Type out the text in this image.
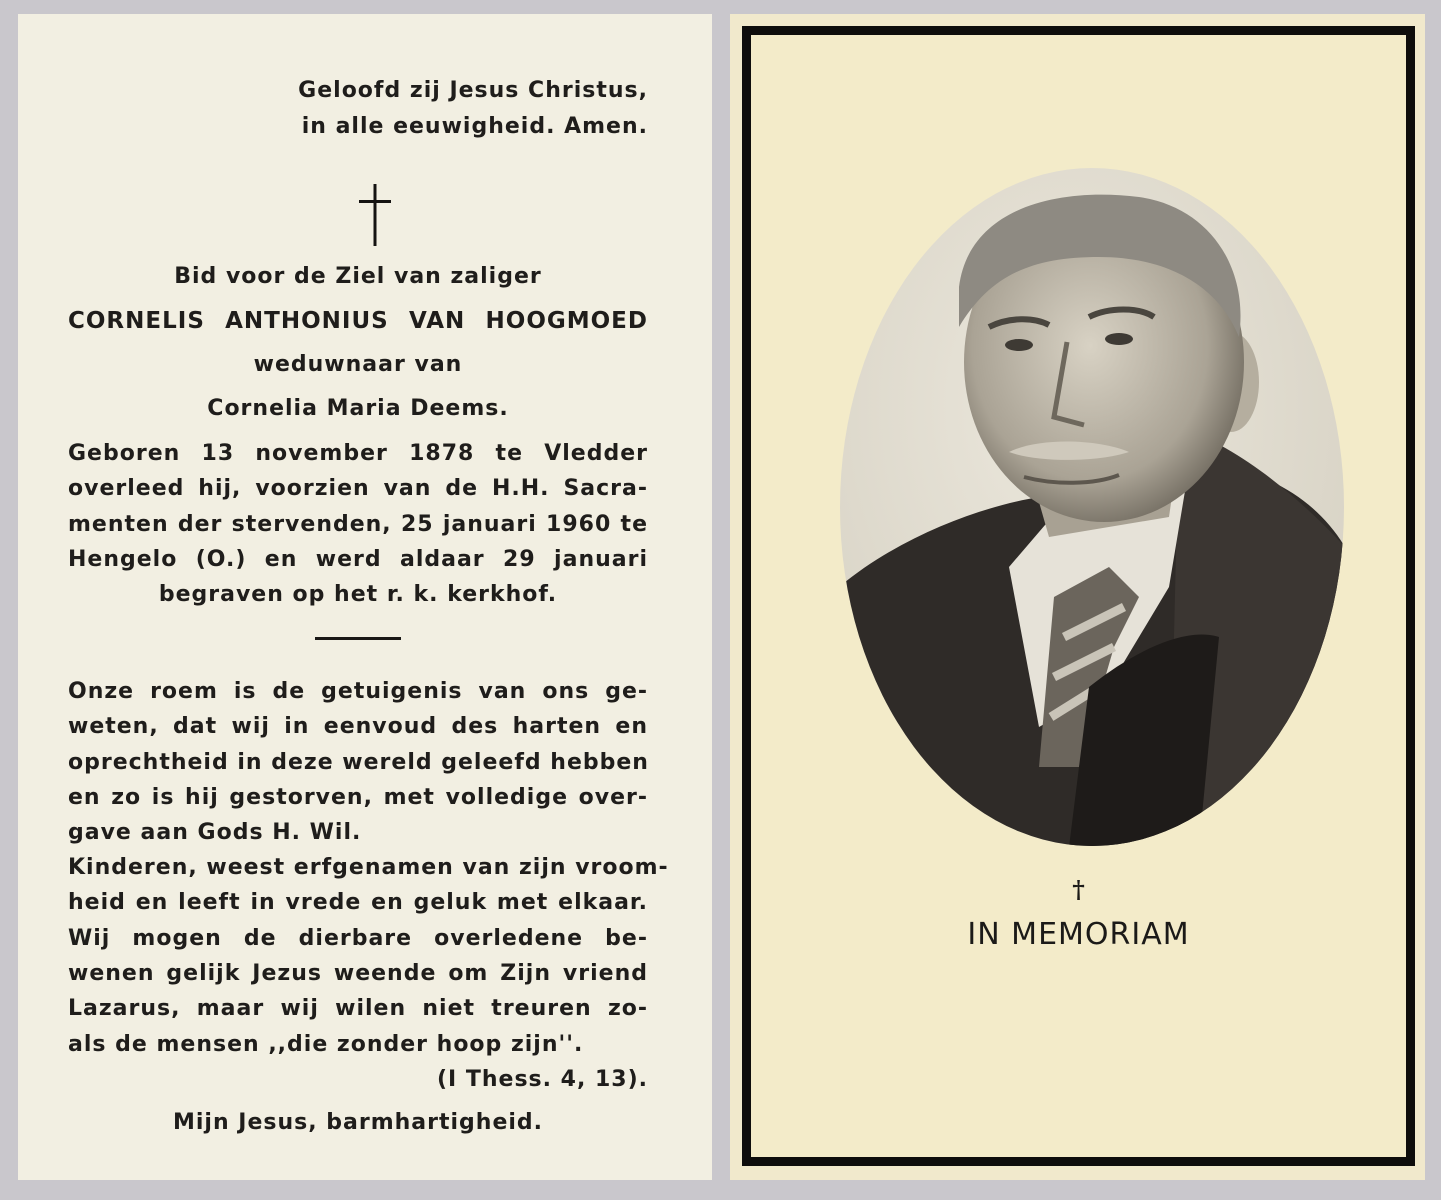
Geloofd zij Jesus Christus,
in alle eeuwigheid. Amen.
Bid voor de Ziel van zaliger
CORNELIS ANTHONIUS VAN HOOGMOED
weduwnaar van
Cornelia Maria Deems.
Geboren 13 november 1878 te Vledder
overleed hij, voorzien van de H.H. Sacra-
menten der stervenden, 25 januari 1960 te
Hengelo (O.) en werd aldaar 29 januari
begraven op het r. k. kerkhof.
Onze roem is de getuigenis van ons ge-
weten, dat wij in eenvoud des harten en
oprechtheid in deze wereld geleefd hebben
en zo is hij gestorven, met volledige over-
gave aan Gods H. Wil.
Kinderen, weest erfgenamen van zijn vroom-
heid en leeft in vrede en geluk met elkaar.
Wij mogen de dierbare overledene be-
wenen gelijk Jezus weende om Zijn vriend
Lazarus, maar wij wilen niet treuren zo-
als de mensen ,,die zonder hoop zijn''.
(I Thess. 4, 13).
Mijn Jesus, barmhartigheid.
†
IN MEMORIAM
